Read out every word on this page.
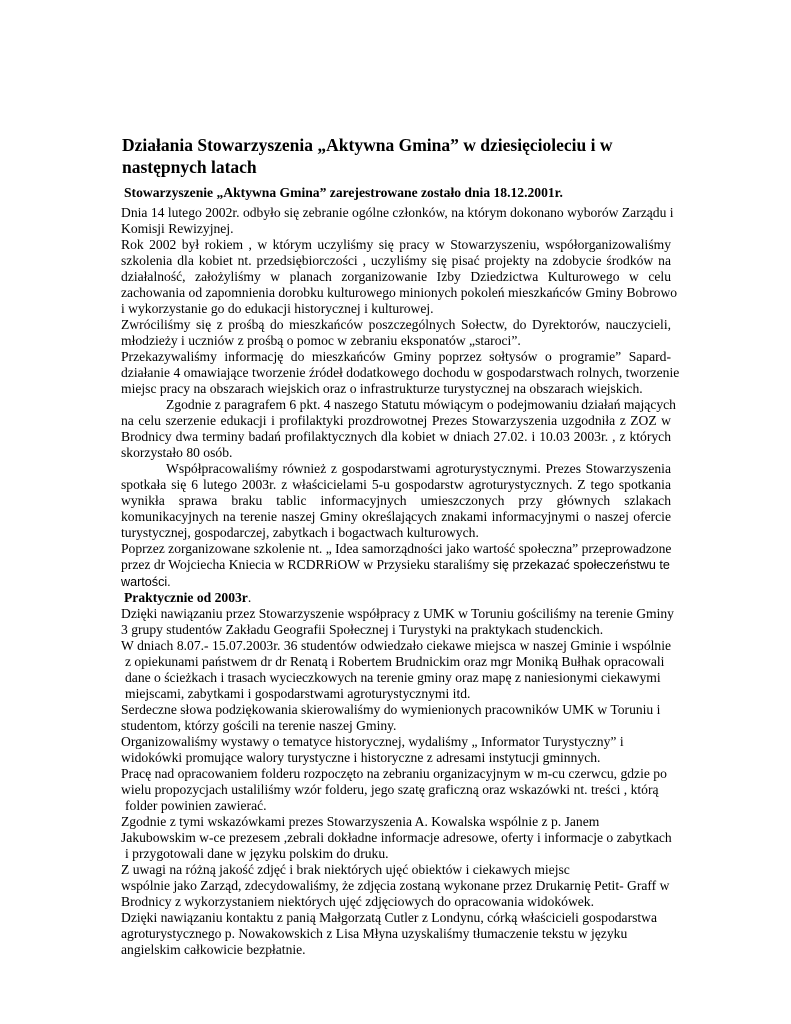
Działania Stowarzyszenia „Aktywna Gmina” w dziesięcioleciu i w następnych latach
Stowarzyszenie „Aktywna Gmina” zarejestrowane zostało dnia 18.12.2001r.
Dnia 14 lutego 2002r. odbyło się zebranie ogólne członków, na którym dokonano wyborów Zarządu i
Komisji Rewizyjnej.
Rok 2002 był rokiem , w którym uczyliśmy się pracy w Stowarzyszeniu, współorganizowaliśmy
szkolenia dla kobiet nt. przedsiębiorczości , uczyliśmy się pisać projekty na zdobycie środków na
działalność, założyliśmy w planach zorganizowanie Izby Dziedzictwa Kulturowego w celu
zachowania od zapomnienia dorobku kulturowego minionych pokoleń mieszkańców Gminy Bobrowo
i wykorzystanie go do edukacji historycznej i kulturowej.
Zwróciliśmy się z prośbą do mieszkańców poszczególnych Sołectw, do Dyrektorów, nauczycieli,
młodzieży i uczniów z prośbą o pomoc w zebraniu eksponatów „staroci”.
Przekazywaliśmy informację do mieszkańców Gminy poprzez sołtysów o programie” Sapard-
działanie 4 omawiające tworzenie źródeł dodatkowego dochodu w gospodarstwach rolnych, tworzenie
miejsc pracy na obszarach wiejskich oraz o infrastrukturze turystycznej na obszarach wiejskich.
Zgodnie z paragrafem 6 pkt. 4 naszego Statutu mówiącym o podejmowaniu działań mających
na celu szerzenie edukacji i profilaktyki prozdrowotnej Prezes Stowarzyszenia uzgodniła z ZOZ w
Brodnicy dwa terminy badań profilaktycznych dla kobiet w dniach 27.02. i 10.03 2003r. , z których
skorzystało 80 osób.
Współpracowaliśmy również z gospodarstwami agroturystycznymi. Prezes Stowarzyszenia
spotkała się 6 lutego 2003r. z właścicielami 5-u gospodarstw agroturystycznych. Z tego spotkania
wynikła sprawa braku tablic informacyjnych umieszczonych przy głównych szlakach
komunikacyjnych na terenie naszej Gminy określających znakami informacyjnymi o naszej ofercie
turystycznej, gospodarczej, zabytkach i bogactwach kulturowych.
Poprzez zorganizowane szkolenie nt. „ Idea samorządności jako wartość społeczna” przeprowadzone
przez dr Wojciecha Kniecia w RCDRRiOW w Przysieku staraliśmy się przekazać społeczeństwu te
wartości.
Praktycznie od 2003r.
Dzięki nawiązaniu przez Stowarzyszenie współpracy z UMK w Toruniu gościliśmy na terenie Gminy
3 grupy studentów Zakładu Geografii Społecznej i Turystyki na praktykach studenckich.
W dniach 8.07.- 15.07.2003r. 36 studentów odwiedzało ciekawe miejsca w naszej Gminie i wspólnie
z opiekunami państwem dr dr Renatą i Robertem Brudnickim oraz mgr Moniką Bułhak opracowali
dane o ścieżkach i trasach wycieczkowych na terenie gminy oraz mapę z naniesionymi ciekawymi
miejscami, zabytkami i gospodarstwami agroturystycznymi itd.
Serdeczne słowa podziękowania skierowaliśmy do wymienionych pracowników UMK w Toruniu i
studentom, którzy gościli na terenie naszej Gminy.
Organizowaliśmy wystawy o tematyce historycznej, wydaliśmy „ Informator Turystyczny” i
widokówki promujące walory turystyczne i historyczne z adresami instytucji gminnych.
Pracę nad opracowaniem folderu rozpoczęto na zebraniu organizacyjnym w m-cu czerwcu, gdzie po
wielu propozycjach ustaliliśmy wzór folderu, jego szatę graficzną oraz wskazówki nt. treści , którą
folder powinien zawierać.
Zgodnie z tymi wskazówkami prezes Stowarzyszenia A. Kowalska wspólnie z p. Janem
Jakubowskim w-ce prezesem ,zebrali dokładne informacje adresowe, oferty i informacje o zabytkach
i przygotowali dane w języku polskim do druku.
Z uwagi na różną jakość zdjęć i brak niektórych ujęć obiektów i ciekawych miejsc
wspólnie jako Zarząd, zdecydowaliśmy, że zdjęcia zostaną wykonane przez Drukarnię Petit- Graff w
Brodnicy z wykorzystaniem niektórych ujęć zdjęciowych do opracowania widokówek.
Dzięki nawiązaniu kontaktu z panią Małgorzatą Cutler z Londynu, córką właścicieli gospodarstwa
agroturystycznego p. Nowakowskich z Lisa Młyna uzyskaliśmy tłumaczenie tekstu w języku
angielskim całkowicie bezpłatnie.
